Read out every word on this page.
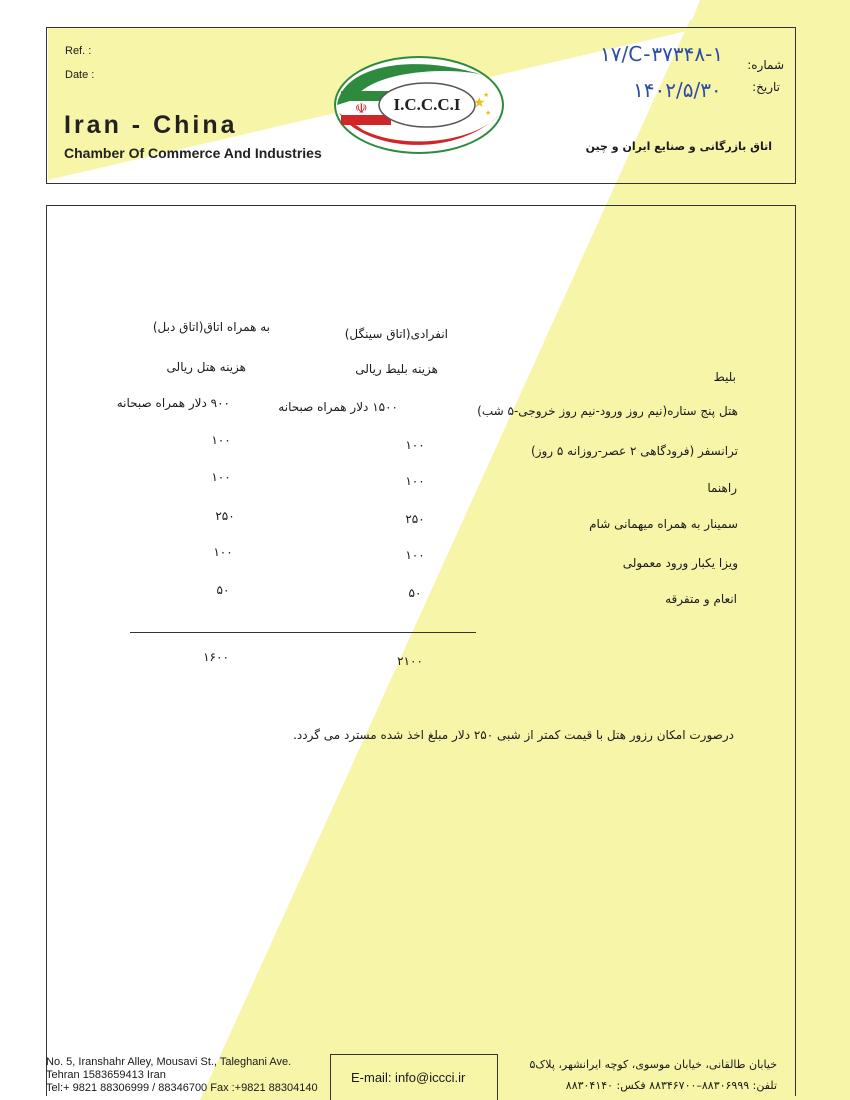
Ref. :
Date :
Iran - China
Chamber Of Commerce And Industries
☫	★
★
★
I.C.C.C.I
شماره:
۱۷/C-۳۷۳۴۸-۱
تاریخ:
۱۴۰۲/۵/۳۰
اتاق بازرگانی و صنایع ایران و چین
انفرادی(اتاق سینگل)
به همراه اتاق(اتاق دبل)
هزینه بلیط ریالی
هزینه هتل ریالی
بلیط
هتل پنج ستاره(نیم روز ورود-نیم روز خروجی-۵ شب)
۱۵۰۰ دلار همراه صبحانه
۹۰۰ دلار همراه صبحانه
ترانسفر (فرودگاهی ۲ عصر-روزانه ۵ روز)
۱۰۰
۱۰۰
راهنما
۱۰۰
۱۰۰
سمینار به همراه میهمانی شام
۲۵۰
۲۵۰
ویزا یکبار ورود معمولی
۱۰۰
۱۰۰
انعام و متفرقه
۵۰
۵۰
۲۱۰۰
۱۶۰۰
درصورت امکان رزور هتل با قیمت کمتر از شبی ۲۵۰ دلار مبلغ اخذ شده مسترد می گردد.
No. 5, Iranshahr Alley, Mousavi St., Taleghani Ave.
Tehran 1583659413 Iran
Tel:+ 9821 88306999 / 88346700 Fax :+9821 88304140
E-mail: info@iccci.ir
خیابان طالقانی، خیابان موسوی، کوچه ایرانشهر، پلاک۵
تلفن: ۸۸۳۰۶۹۹۹–۸۸۳۴۶۷۰۰ فکس: ۸۸۳۰۴۱۴۰
